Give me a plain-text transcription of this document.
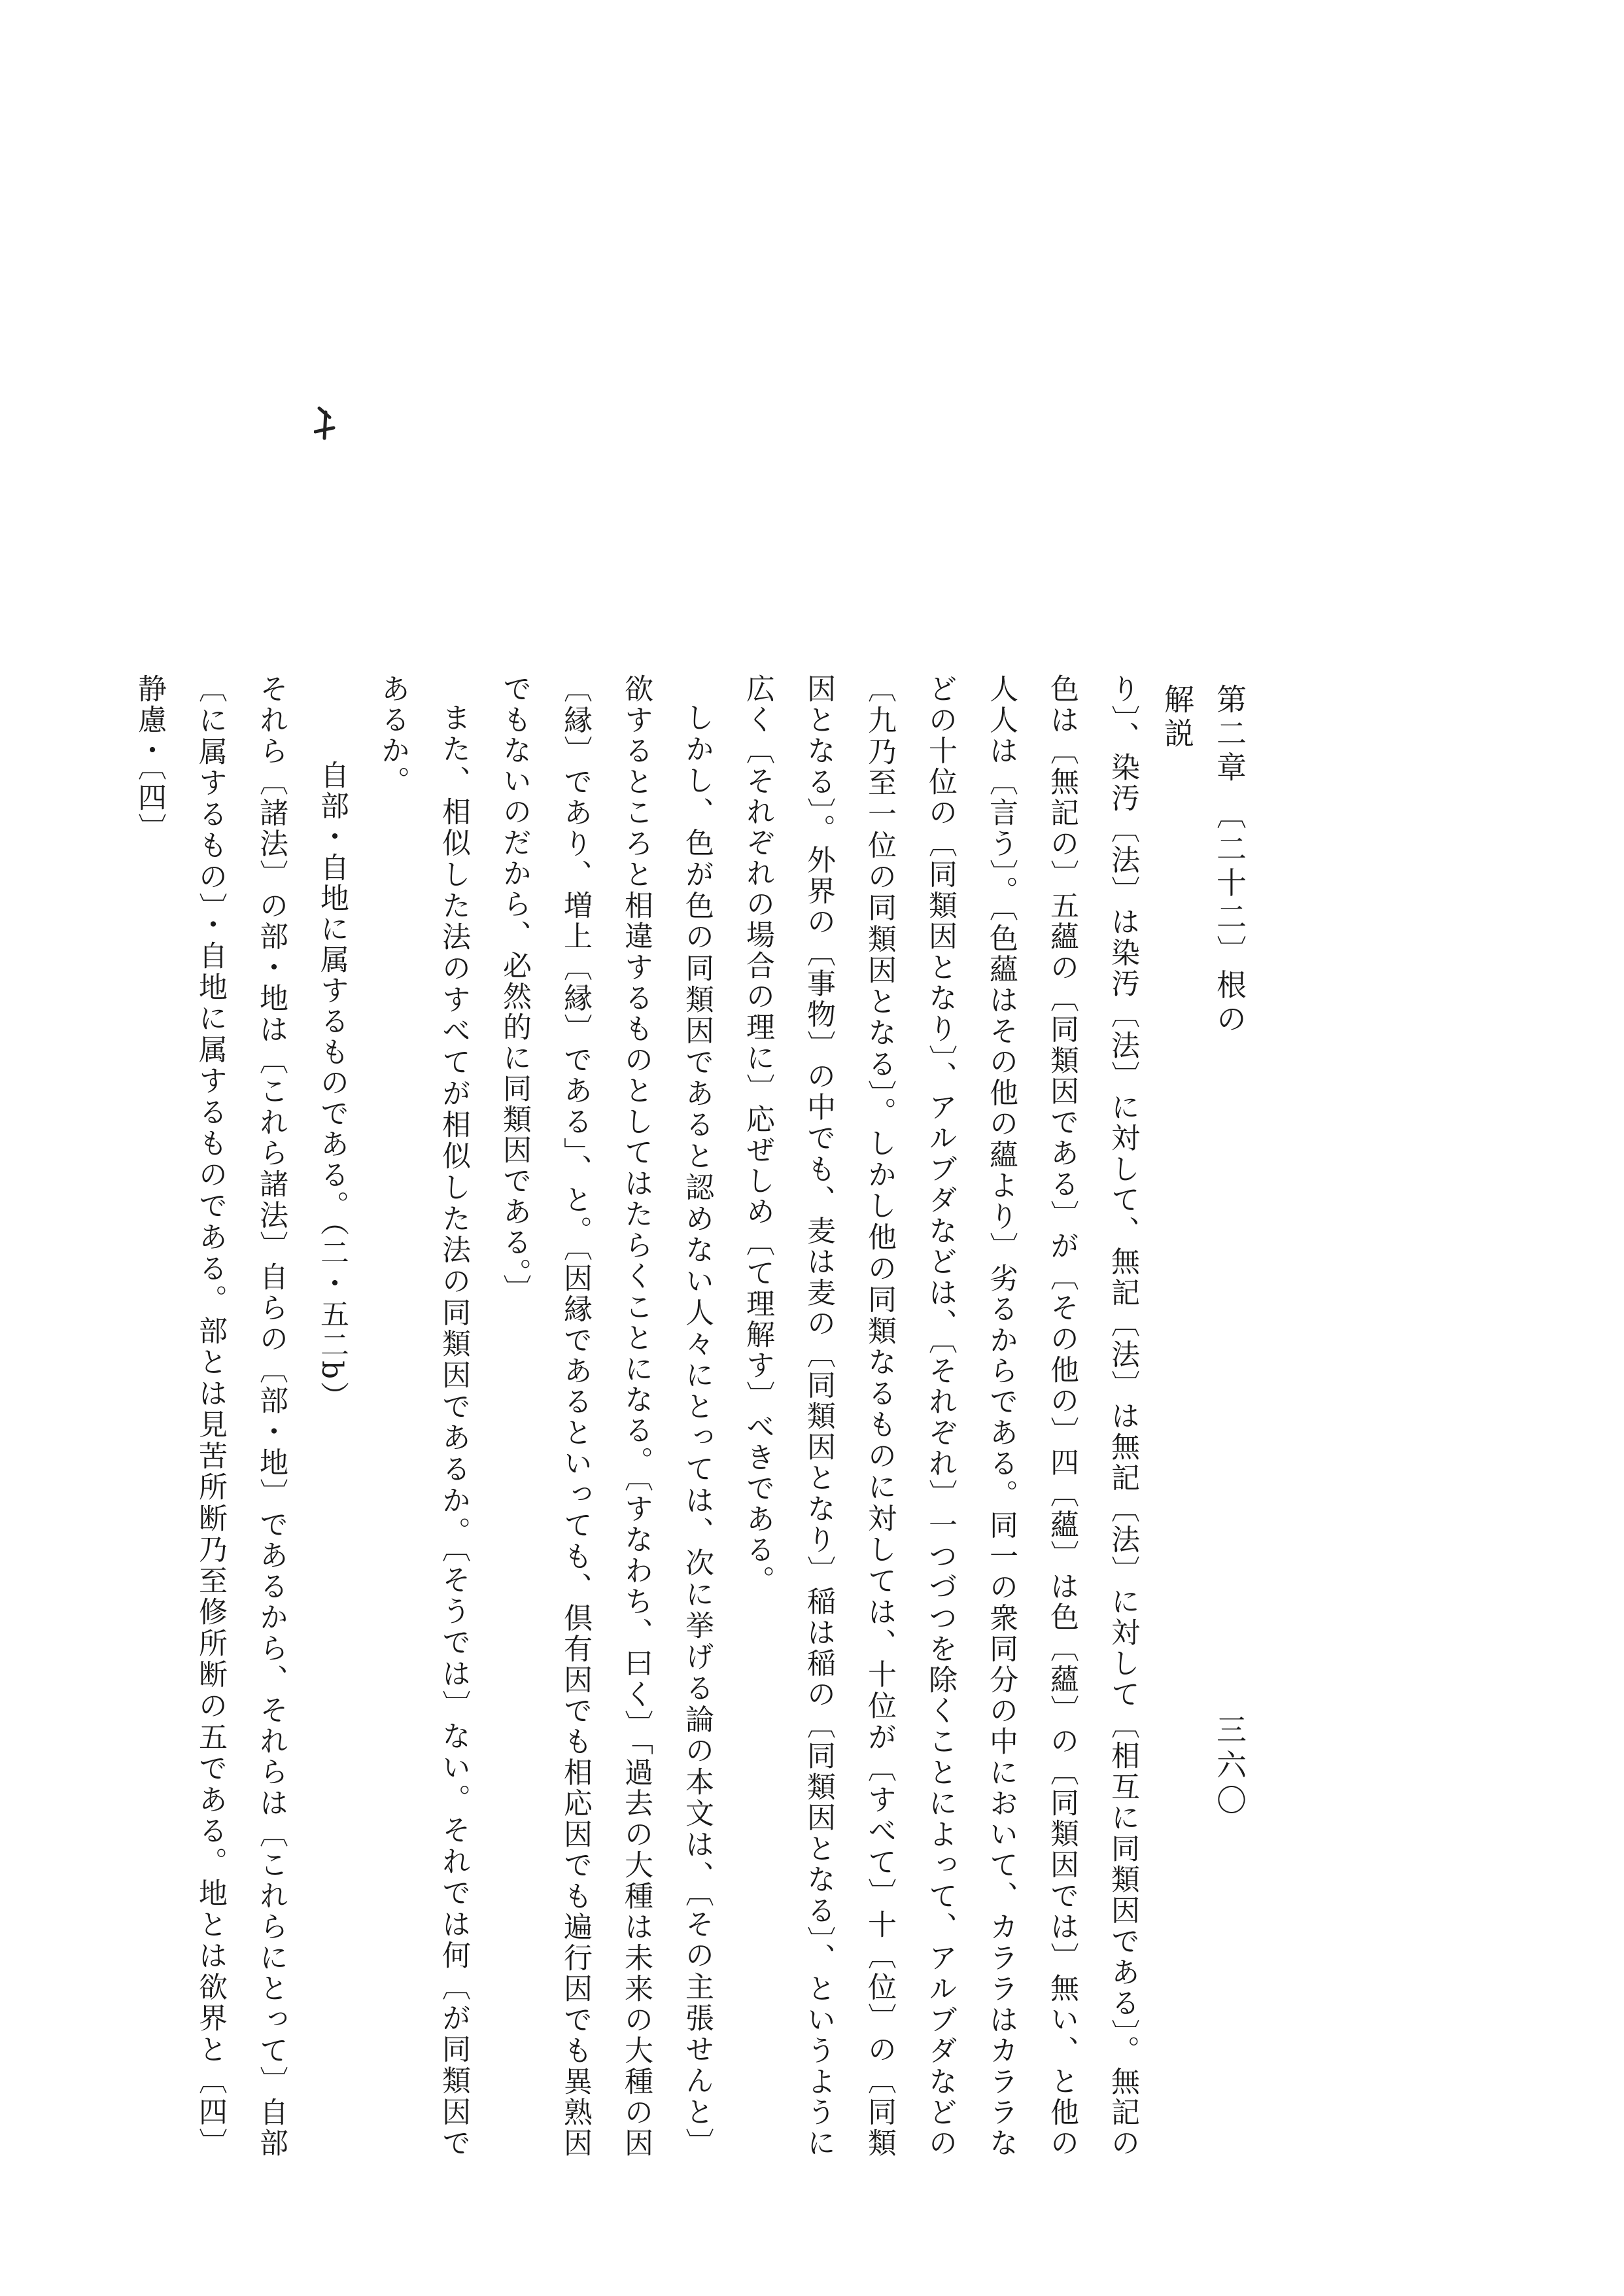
第二章 〔二十二〕根の解説
三六〇

り〕、染汚〔法〕は染汚〔法〕に対して、無記〔法〕は無記〔法〕に対して〔相互に同類因である〕。無記の色は〔無記の〕五蘊の〔同類因である〕が〔その他の〕四〔蘊〕は色〔蘊〕の〔同類因では〕無い、と他の人人は〔言う〕。〔色蘊はその他の蘊より〕劣るからである。同一の衆同分の中において、カララはカララなどの十位の〔同類因となり〕、アルブダなどは、〔それぞれ〕一つづつを除くことによって、アルブダなどの〔九乃至一位の同類因となる〕。しかし他の同類なるものに対しては、十位が〔すべて〕十〔位〕の〔同類因となる〕。外界の〔事物〕の中でも、麦は麦の〔同類因となり〕稲は稲の〔同類因となる〕、というように広く〔それぞれの場合の理に〕応ぜしめ〔て理解す〕べきである。

しかし、色が色の同類因であると認めない人々にとっては、次に挙げる論の本文は、〔その主張せんと〕欲するところと相違するものとしてはたらくことになる。〔すなわち、曰く〕「過去の大種は未来の大種の因〔縁〕であり、増上〔縁〕である」、と。〔因縁であるといっても、倶有因でも相応因でも遍行因でも異熟因でもないのだから、必然的に同類因である。〕

また、相似した法のすべてが相似した法の同類因であるか。〔そうでは〕ない。それでは何〔が同類因であるか。

自部・自地に属するものである。（二・五二b）

それら〔諸法〕の部・地は〔これら諸法〕自らの〔部・地〕であるから、それらは〔これらにとって〕自部〔に属するもの〕・自地に属するものである。部とは見苦所断乃至修所断の五である。地とは欲界と〔四〕静慮・〔四〕
